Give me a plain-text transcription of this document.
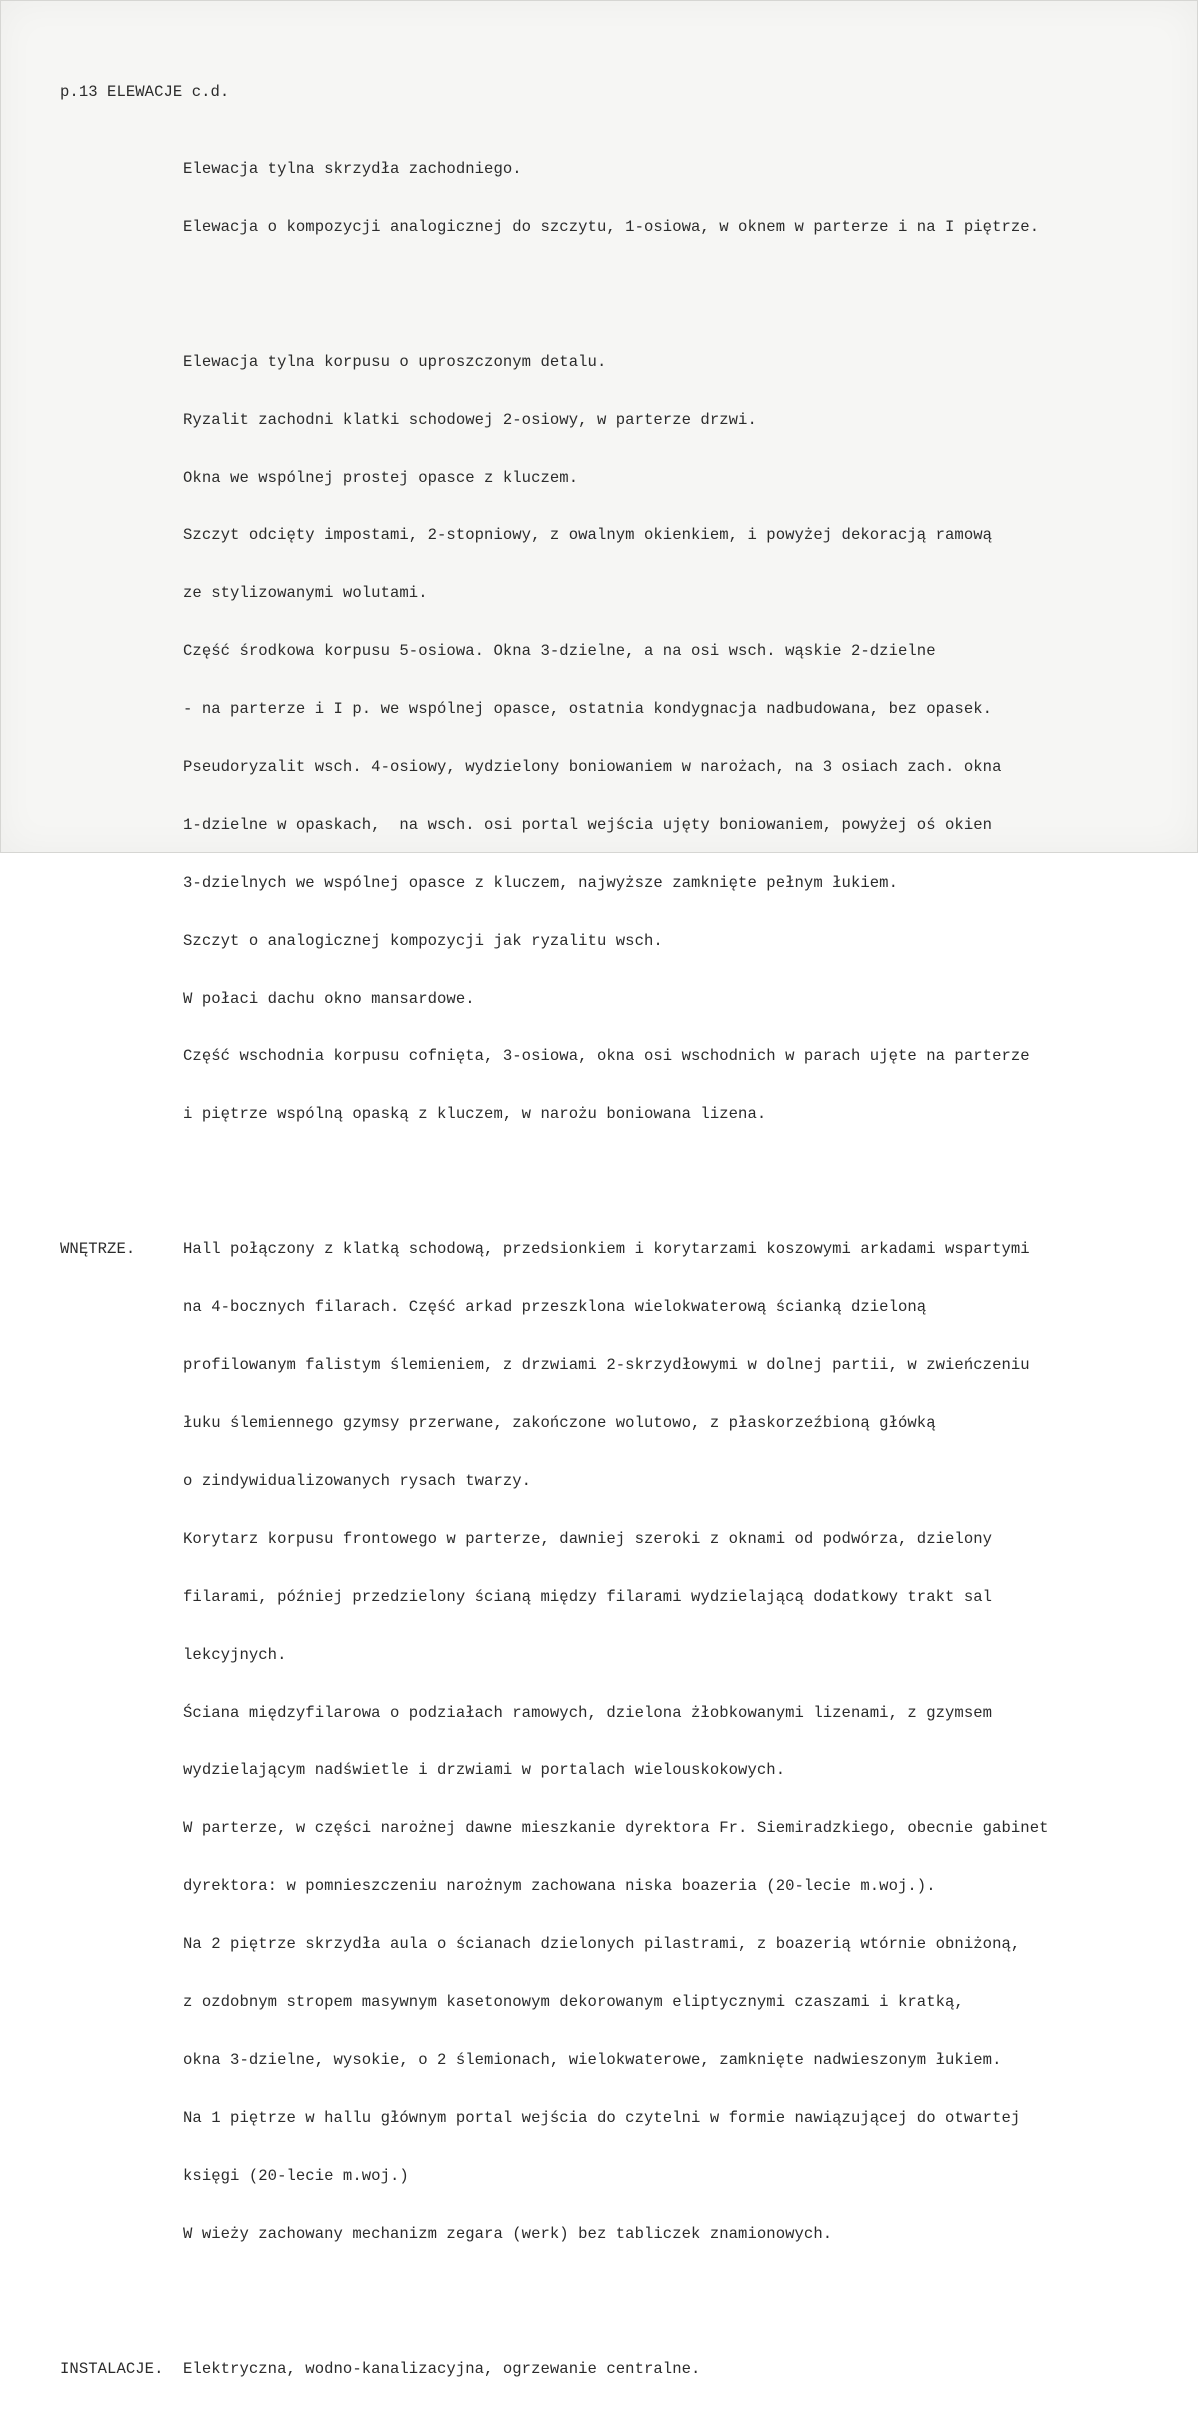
p.13 ELEWACJE c.d.

Elewacja tylna skrzydła zachodniego.

Elewacja o kompozycji analogicznej do szczytu, 1-osiowa, w oknem w parterze i na I piętrze.

Elewacja tylna korpusu o uproszczonym detalu.

Ryzalit zachodni klatki schodowej 2-osiowy, w parterze drzwi.

Okna we wspólnej prostej opasce z kluczem.

Szczyt odcięty impostami, 2-stopniowy, z owalnym okienkiem, i powyżej dekoracją ramową

ze stylizowanymi wolutami.

Część środkowa korpusu 5-osiowa. Okna 3-dzielne, a na osi wsch. wąskie 2-dzielne

- na parterze i I p. we wspólnej opasce, ostatnia kondygnacja nadbudowana, bez opasek.

Pseudoryzalit wsch. 4-osiowy, wydzielony boniowaniem w narożach, na 3 osiach zach. okna

1-dzielne w opaskach,  na wsch. osi portal wejścia ujęty boniowaniem, powyżej oś okien

3-dzielnych we wspólnej opasce z kluczem, najwyższe zamknięte pełnym łukiem.

Szczyt o analogicznej kompozycji jak ryzalitu wsch.

W połaci dachu okno mansardowe.

Część wschodnia korpusu cofnięta, 3-osiowa, okna osi wschodnich w parach ujęte na parterze

i piętrze wspólną opaską z kluczem, w narożu boniowana lizena.

WNĘTRZE.	Hall połączony z klatką schodową, przedsionkiem i korytarzami koszowymi arkadami wspartymi

na 4-bocznych filarach. Część arkad przeszklona wielokwaterową ścianką dzieloną

profilowanym falistym ślemieniem, z drzwiami 2-skrzydłowymi w dolnej partii, w zwieńczeniu

łuku ślemiennego gzymsy przerwane, zakończone wolutowo, z płaskorzeźbioną główką

o zindywidualizowanych rysach twarzy.

Korytarz korpusu frontowego w parterze, dawniej szeroki z oknami od podwórza, dzielony

filarami, później przedzielony ścianą między filarami wydzielającą dodatkowy trakt sal

lekcyjnych.

Ściana międzyfilarowa o podziałach ramowych, dzielona żłobkowanymi lizenami, z gzymsem

wydzielającym nadświetle i drzwiami w portalach wielouskokowych.

W parterze, w części narożnej dawne mieszkanie dyrektora Fr. Siemiradzkiego, obecnie gabinet

dyrektora: w pomnieszczeniu narożnym zachowana niska boazeria (20-lecie m.woj.).

Na 2 piętrze skrzydła aula o ścianach dzielonych pilastrami, z boazerią wtórnie obniżoną,

z ozdobnym stropem masywnym kasetonowym dekorowanym eliptycznymi czaszami i kratką,

okna 3-dzielne, wysokie, o 2 ślemionach, wielokwaterowe, zamknięte nadwieszonym łukiem.

Na 1 piętrze w hallu głównym portal wejścia do czytelni w formie nawiązującej do otwartej

księgi (20-lecie m.woj.)

W wieży zachowany mechanizm zegara (werk) bez tabliczek znamionowych.

INSTALACJE. Elektryczna, wodno-kanalizacyjna, ogrzewanie centralne.
